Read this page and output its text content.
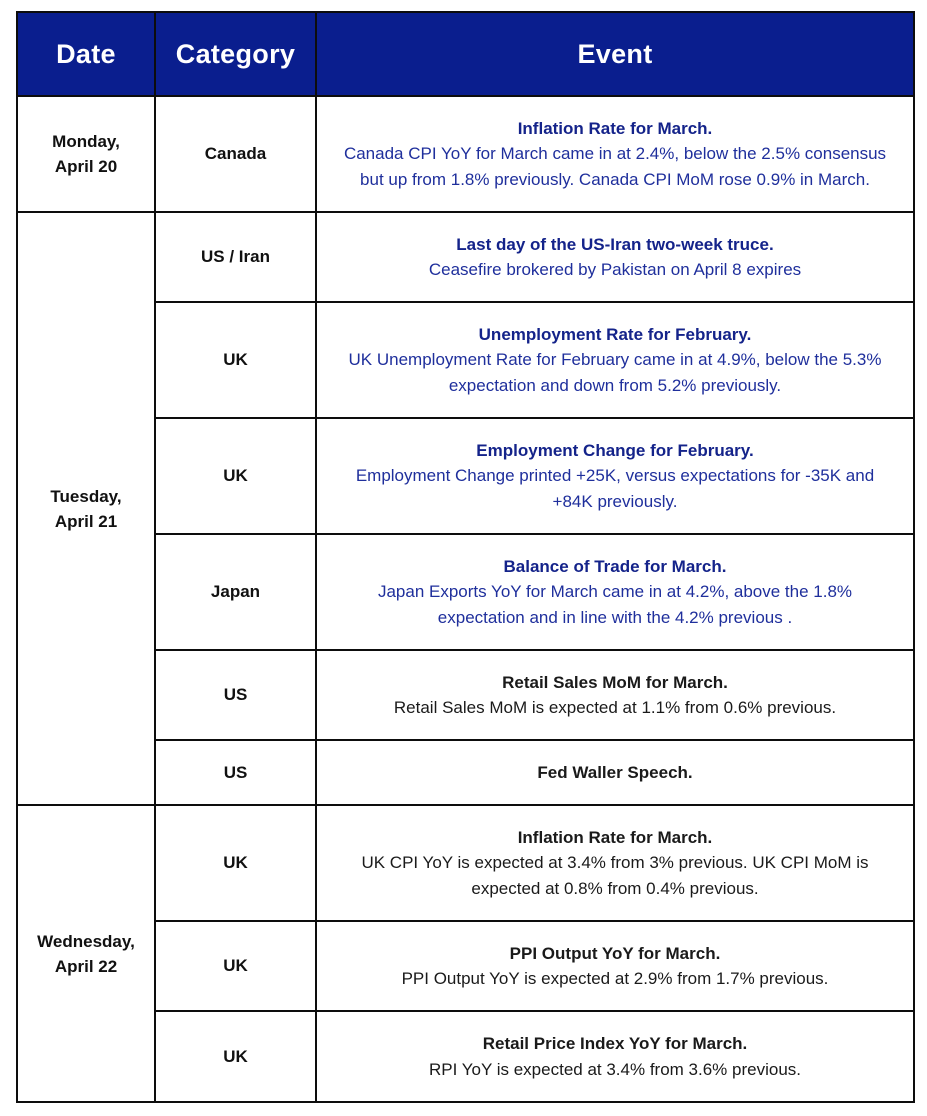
Date	Category	Event

Monday,
April 20	Canada	Inflation Rate for March.
Canada CPI YoY for March came in at 2.4%, below the 2.5% consensus but up from 1.8% previously. Canada CPI MoM rose 0.9% in March.

Tuesday,
April 21	US / Iran	Last day of the US-Iran two-week truce.
Ceasefire brokered by Pakistan on April 8 expires

	UK	Unemployment Rate for February.
UK Unemployment Rate for February came in at 4.9%, below the 5.3% expectation and down from 5.2% previously.

	UK	Employment Change for February.
Employment Change printed +25K, versus expectations for -35K and +84K previously.

	Japan	Balance of Trade for March.
Japan Exports YoY for March came in at 4.2%, above the 1.8% expectation and in line with the 4.2% previous .

	US	Retail Sales MoM for March.
Retail Sales MoM is expected at 1.1% from 0.6% previous.

	US	Fed Waller Speech.

Wednesday,
April 22	UK	Inflation Rate for March.
UK CPI YoY is expected at 3.4% from 3% previous. UK CPI MoM is expected at 0.8% from 0.4% previous.

	UK	PPI Output YoY for March.
PPI Output YoY is expected at 2.9% from 1.7% previous.

	UK	Retail Price Index YoY for March.
RPI YoY is expected at 3.4% from 3.6% previous.
